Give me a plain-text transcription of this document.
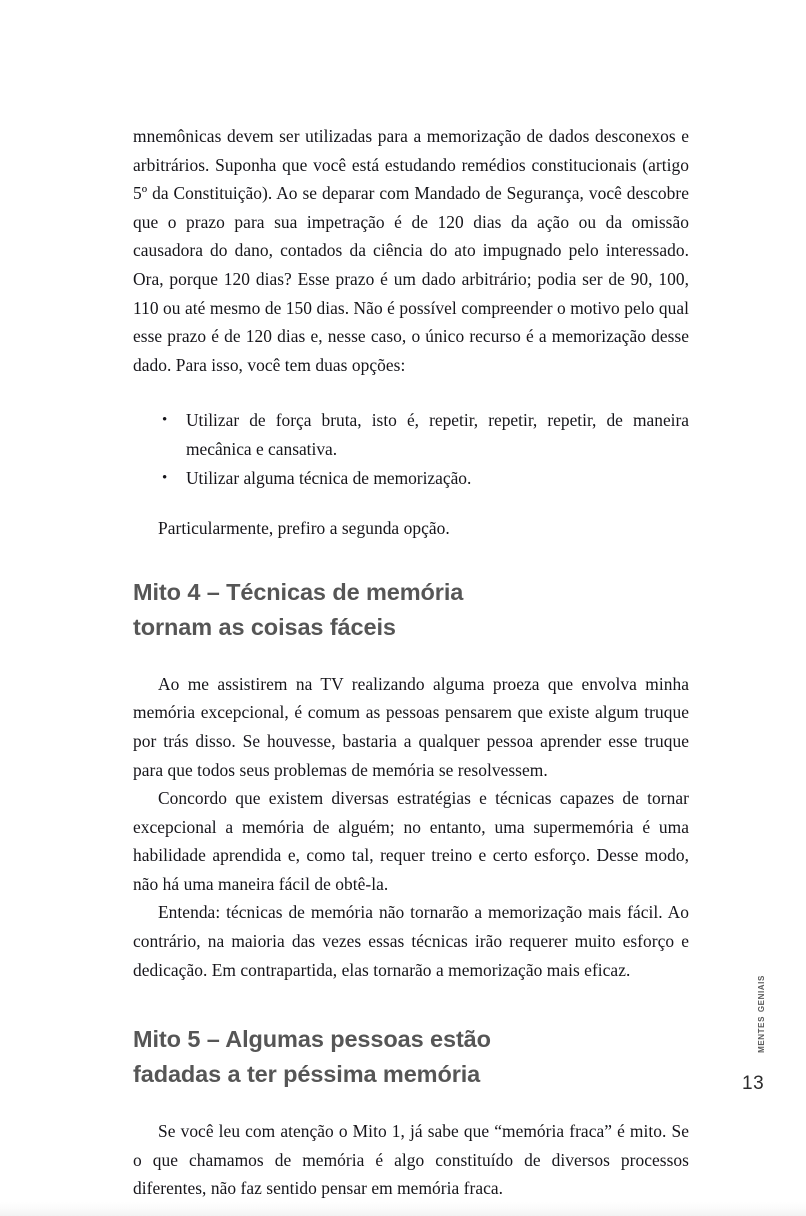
mnemônicas devem ser utilizadas para a memorização de dados desconexos e arbitrários. Suponha que você está estudando remédios constitucionais (artigo 5º da Constituição). Ao se deparar com Mandado de Segurança, você descobre que o prazo para sua impetração é de 120 dias da ação ou da omissão causadora do dano, contados da ciência do ato impugnado pelo interessado. Ora, porque 120 dias? Esse prazo é um dado arbitrário; podia ser de 90, 100, 110 ou até mesmo de 150 dias. Não é possível compreender o motivo pelo qual esse prazo é de 120 dias e, nesse caso, o único recurso é a memorização desse dado. Para isso, você tem duas opções:

• Utilizar de força bruta, isto é, repetir, repetir, repetir, de maneira mecânica e cansativa.
• Utilizar alguma técnica de memorização.

Particularmente, prefiro a segunda opção.

Mito 4 – Técnicas de memória
tornam as coisas fáceis

Ao me assistirem na TV realizando alguma proeza que envolva minha memória excepcional, é comum as pessoas pensarem que existe algum truque por trás disso. Se houvesse, bastaria a qualquer pessoa aprender esse truque para que todos seus problemas de memória se resolvessem.

Concordo que existem diversas estratégias e técnicas capazes de tornar excepcional a memória de alguém; no entanto, uma supermemória é uma habilidade aprendida e, como tal, requer treino e certo esforço. Desse modo, não há uma maneira fácil de obtê-la.

Entenda: técnicas de memória não tornarão a memorização mais fácil. Ao contrário, na maioria das vezes essas técnicas irão requerer muito esforço e dedicação. Em contrapartida, elas tornarão a memorização mais eficaz.

Mito 5 – Algumas pessoas estão
fadadas a ter péssima memória

Se você leu com atenção o Mito 1, já sabe que “memória fraca” é mito. Se o que chamamos de memória é algo constituído de diversos processos diferentes, não faz sentido pensar em memória fraca.

mentes geniais
13
